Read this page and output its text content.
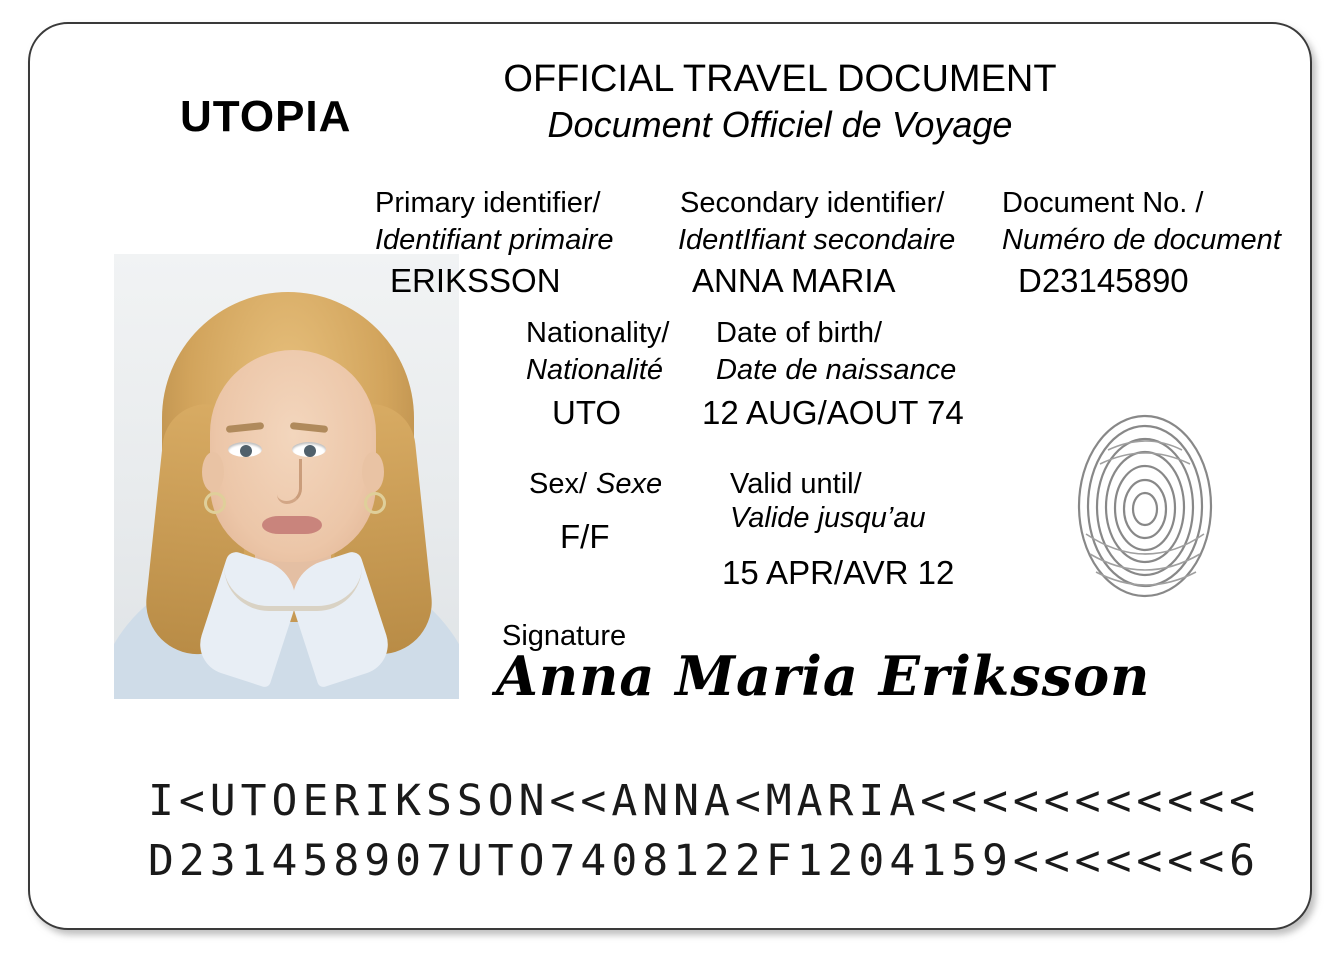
UTOPIA
OFFICIAL TRAVEL DOCUMENT
Document Officiel de Voyage
Primary identifier/
Identifiant primaire
ERIKSSON
Secondary identifier/
IdentIfiant secondaire
ANNA MARIA
Document No. /
Numéro de document
D23145890
Nationality/
Nationalité
UTO
Date of birth/
Date de naissance
12 AUG/AOUT 74
Sex/ Sexe
F/F
Valid until/
Valide jusqu’au
15 APR/AVR 12
Signature
Anna Maria Eriksson
I<UTOERIKSSON<<ANNA<MARIA<<<<<<<<<<<
D231458907UTO7408122F1204159<<<<<<<6
